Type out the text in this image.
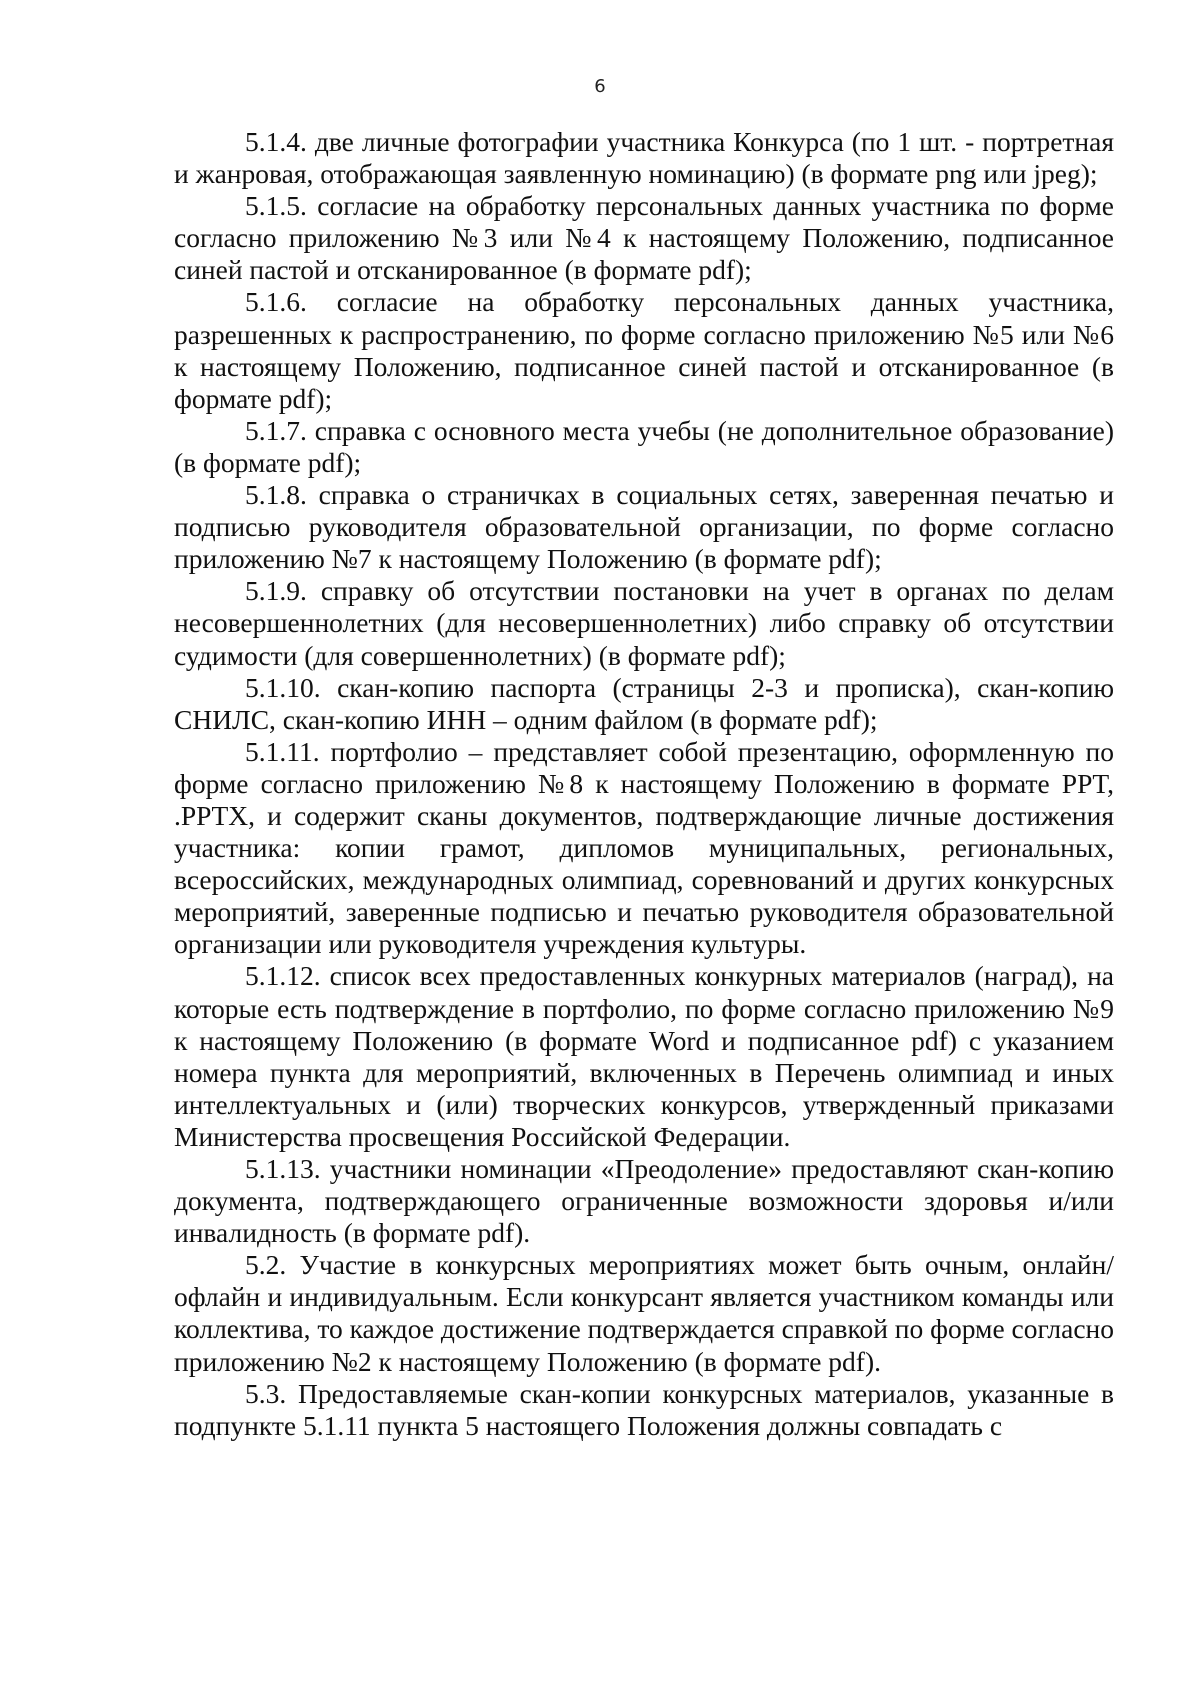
6

5.1.4. две личные фотографии участника Конкурса (по 1 шт. - портретная и жанровая, отображающая заявленную номинацию) (в формате png или jpeg);

5.1.5. согласие на обработку персональных данных участника по форме согласно приложению №3 или №4 к настоящему Положению, подписанное синей пастой и отсканированное (в формате pdf);

5.1.6. согласие на обработку персональных данных участника, разрешенных к распространению, по форме согласно приложению №5 или №6 к настоящему Положению, подписанное синей пастой и отсканированное (в формате pdf);

5.1.7. справка с основного места учебы (не дополнительное образование) (в формате pdf);

5.1.8. справка о страничках в социальных сетях, заверенная печатью и подписью руководителя образовательной организации, по форме согласно приложению №7 к настоящему Положению (в формате pdf);

5.1.9. справку об отсутствии постановки на учет в органах по делам несовершеннолетних (для несовершеннолетних) либо справку об отсутствии судимости (для совершеннолетних) (в формате pdf);

5.1.10. скан-копию паспорта (страницы 2-3 и прописка), скан-копию СНИЛС, скан-копию ИНН – одним файлом (в формате pdf);

5.1.11. портфолио – представляет собой презентацию, оформленную по форме согласно приложению №8 к настоящему Положению в формате PPT, .PPTX, и содержит сканы документов, подтверждающие личные достижения участника: копии грамот, дипломов муниципальных, региональных, всероссийских, международных олимпиад, соревнований и других конкурсных мероприятий, заверенные подписью и печатью руководителя образовательной организации или руководителя учреждения культуры.

5.1.12. список всех предоставленных конкурных материалов (наград), на которые есть подтверждение в портфолио, по форме согласно приложению №9 к настоящему Положению (в формате Word и подписанное pdf) с указанием номера пункта для мероприятий, включенных в Перечень олимпиад и иных интеллектуальных и (или) творческих конкурсов, утвержденный приказами Министерства просвещения Российской Федерации.

5.1.13. участники номинации «Преодоление» предоставляют скан-копию документа, подтверждающего ограниченные возможности здоровья и/или инвалидность (в формате pdf).

5.2. Участие в конкурсных мероприятиях может быть очным, онлайн/офлайн и индивидуальным. Если конкурсант является участником команды или коллектива, то каждое достижение подтверждается справкой по форме согласно приложению №2 к настоящему Положению (в формате pdf).

5.3. Предоставляемые скан-копии конкурсных материалов, указанные в подпункте 5.1.11 пункта 5 настоящего Положения должны совпадать с
